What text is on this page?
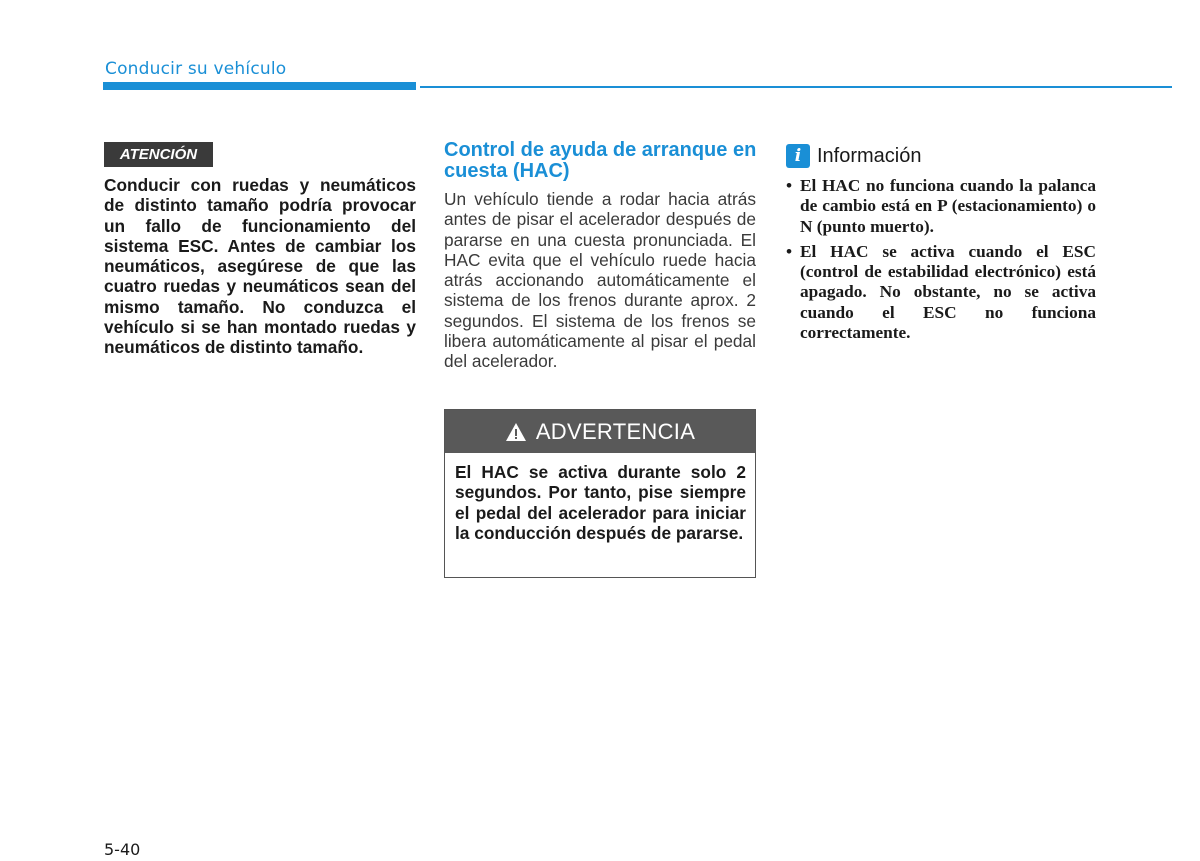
Conducir su vehículo
ATENCIÓN
Conducir con ruedas y neumáticos de distinto tamaño podría provocar un fallo de funcionamiento del sistema ESC. Antes de cambiar los neumáticos, asegúrese de que las cuatro ruedas y neumáticos sean del mismo tamaño. No conduzca el vehículo si se han montado ruedas y neumáticos de distinto tamaño.
Control de ayuda de arranque en cuesta (HAC)
Un vehículo tiende a rodar hacia atrás antes de pisar el acelerador después de pararse en una cuesta pronunciada. El HAC evita que el vehículo ruede hacia atrás accionando automáticamente el sistema de los frenos durante aprox. 2 segundos. El sistema de los frenos se libera automáticamente al pisar el pedal del acelerador.
ADVERTENCIA
El HAC se activa durante solo 2 segundos. Por tanto, pise siempre el pedal del acelerador para iniciar la conducción después de pararse.
i Información
• El HAC no funciona cuando la palanca de cambio está en P (estacionamiento) o N (punto muerto).
• El HAC se activa cuando el ESC (control de estabilidad electrónico) está apagado. No obstante, no se activa cuando el ESC no funciona correctamente.
5-40
